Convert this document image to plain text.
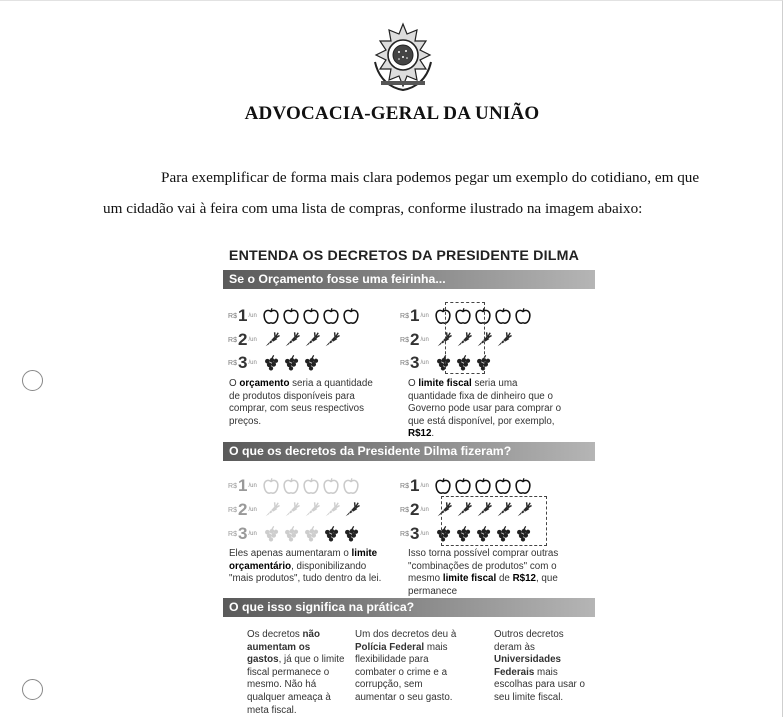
ADVOCACIA-GERAL DA UNIÃO
Para exemplificar de forma mais clara podemos pegar um exemplo do cotidiano, em que um cidadão vai à feira com uma lista de compras, conforme ilustrado na imagem abaixo:
ENTENDA OS DECRETOS DA PRESIDENTE DILMA
Se o Orçamento fosse uma feirinha...
R$ 1 /un
R$ 2 /un
R$ 3 /un
O orçamento seria a quantidade de produtos disponíveis para comprar, com seus respectivos preços.
R$ 1 /un
R$ 2 /un
R$ 3 /un
O limite fiscal seria uma quantidade fixa de dinheiro que o Governo pode usar para comprar o que está disponível, por exemplo, R$12.
O que os decretos da Presidente Dilma fizeram?
R$ 1 /un
R$ 2 /un
R$ 3 /un
Eles apenas aumentaram o limite orçamentário, disponibilizando "mais produtos", tudo dentro da lei.
R$ 1 /un
R$ 2 /un
R$ 3 /un
Isso torna possível comprar outras "combinações de produtos" com o mesmo limite fiscal de R$12, que permanece
O que isso significa na prática?
Os decretos não aumentam os gastos, já que o limite fiscal permanece o mesmo. Não há qualquer ameaça à meta fiscal.
Um dos decretos deu à Polícia Federal mais flexibilidade para combater o crime e a corrupção, sem aumentar o seu gasto.
Outros decretos deram às Universidades Federais mais escolhas para usar o seu limite fiscal.
